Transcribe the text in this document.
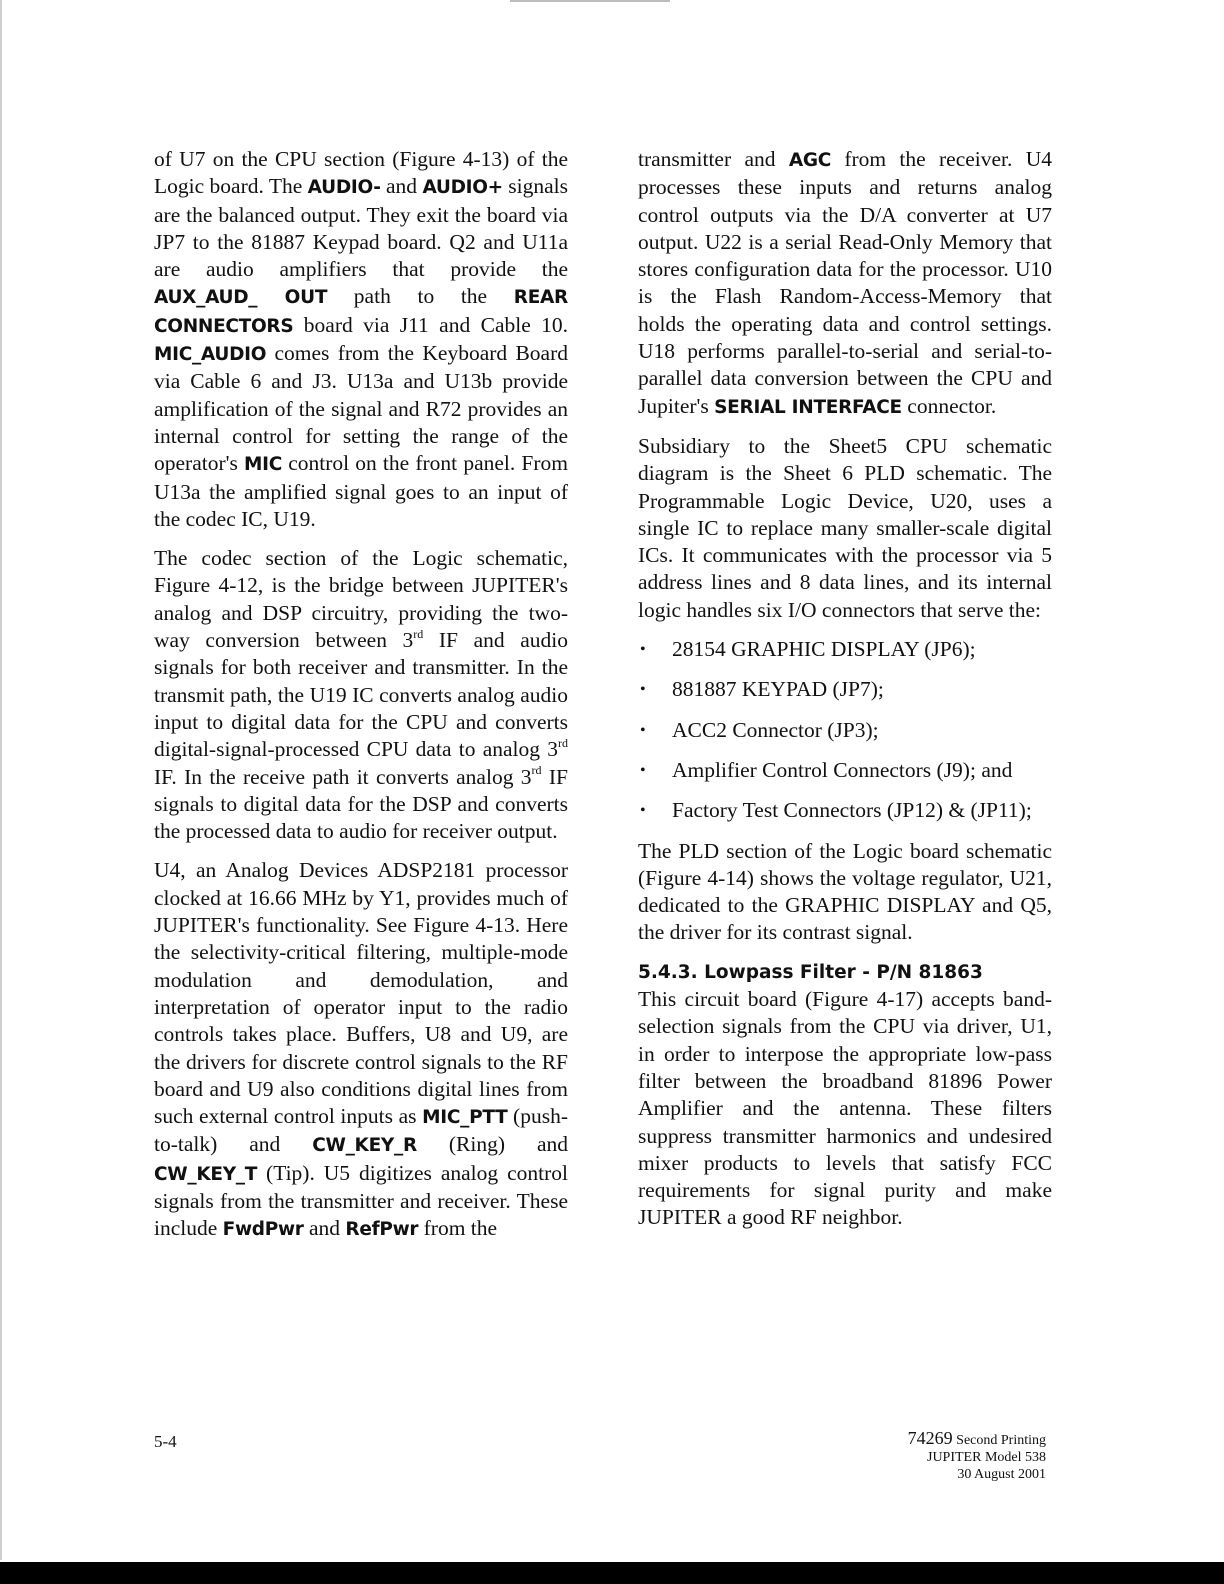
of U7 on the CPU section (Figure 4-13) of the Logic board. The AUDIO- and AUDIO+ signals are the balanced output. They exit the board via JP7 to the 81887 Keypad board. Q2 and U11a are audio amplifiers that provide the AUX_AUD_ OUT path to the REAR CONNECTORS board via J11 and Cable 10. MIC_AUDIO comes from the Keyboard Board via Cable 6 and J3. U13a and U13b provide amplification of the signal and R72 provides an internal control for setting the range of the operator's MIC control on the front panel. From U13a the amplified signal goes to an input of the codec IC, U19.

The codec section of the Logic schematic, Figure 4-12, is the bridge between JUPITER's analog and DSP circuitry, providing the two-way conversion between 3rd IF and audio signals for both receiver and transmitter. In the transmit path, the U19 IC converts analog audio input to digital data for the CPU and converts digital-signal-processed CPU data to analog 3rd IF. In the receive path it converts analog 3rd IF signals to digital data for the DSP and converts the processed data to audio for receiver output.

U4, an Analog Devices ADSP2181 processor clocked at 16.66 MHz by Y1, provides much of JUPITER's functionality. See Figure 4-13. Here the selectivity-critical filtering, multiple-mode modulation and demodulation, and interpretation of operator input to the radio controls takes place. Buffers, U8 and U9, are the drivers for discrete control signals to the RF board and U9 also conditions digital lines from such external control inputs as MIC_PTT (push-to-talk) and CW_KEY_R (Ring) and CW_KEY_T (Tip). U5 digitizes analog control signals from the transmitter and receiver. These include FwdPwr and RefPwr from the

transmitter and AGC from the receiver. U4 processes these inputs and returns analog control outputs via the D/A converter at U7 output. U22 is a serial Read-Only Memory that stores configuration data for the processor. U10 is the Flash Random-Access-Memory that holds the operating data and control settings. U18 performs parallel-to-serial and serial-to-parallel data conversion between the CPU and Jupiter's SERIAL INTERFACE connector.

Subsidiary to the Sheet5 CPU schematic diagram is the Sheet 6 PLD schematic. The Programmable Logic Device, U20, uses a single IC to replace many smaller-scale digital ICs. It communicates with the processor via 5 address lines and 8 data lines, and its internal logic handles six I/O connectors that serve the:

• 28154 GRAPHIC DISPLAY (JP6);
• 881887 KEYPAD (JP7);
• ACC2 Connector (JP3);
• Amplifier Control Connectors (J9); and
• Factory Test Connectors (JP12) & (JP11);

The PLD section of the Logic board schematic (Figure 4-14) shows the voltage regulator, U21, dedicated to the GRAPHIC DISPLAY and Q5, the driver for its contrast signal.

5.4.3. Lowpass Filter - P/N 81863

This circuit board (Figure 4-17) accepts band-selection signals from the CPU via driver, U1, in order to interpose the appropriate low-pass filter between the broadband 81896 Power Amplifier and the antenna. These filters suppress transmitter harmonics and undesired mixer products to levels that satisfy FCC requirements for signal purity and make JUPITER a good RF neighbor.

5-4	74269 Second Printing
JUPITER Model 538
30 August 2001
